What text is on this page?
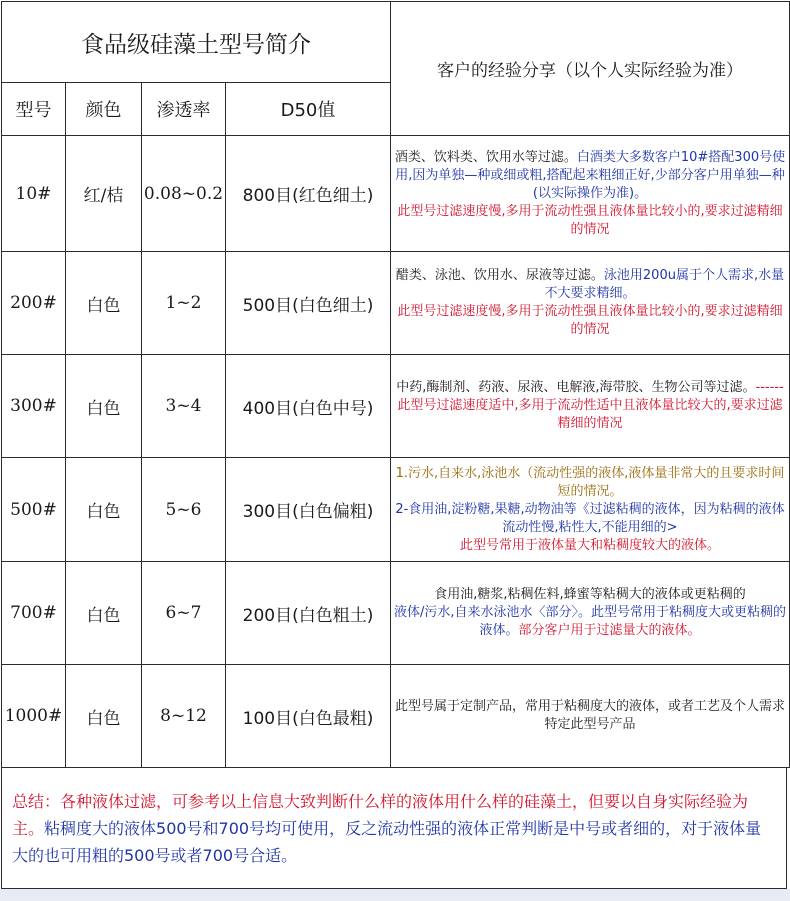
食品级硅藻土型号简介				客户的经验分享（以个人实际经验为准）
型号	颜色	渗透率	D50值	
10#	红/桔	0.08~0.2	800目(红色细土)	酒类、饮料类、饮用水等过滤。白酒类大多数客户10#搭配300号使用,因为单独—种或细或粗,搭配起来粗细正好,少部分客户用单独—种(以实际操作为准)。
此型号过滤速度慢,多用于流动性强且液体量比较小的,要求过滤精细的情况
200#	白色	1~2	500目(白色细土)	醋类、泳池、饮用水、尿液等过滤。泳池用200u属于个人需求,水量不大要求精细。
此型号过滤速度慢,多用于流动性强且液体量比较小的,要求过滤精细的情况
300#	白色	3~4	400目(白色中号)	中药,酶制剂、药液、尿液、电解液,海带胶、生物公司等过滤。------此型号过滤速度适中,多用于流动性适中且液体量比较大的,要求过滤精细的情况
500#	白色	5~6	300目(白色偏粗)	1.污水,自来水,泳池水（流动性强的液体,液体量非常大的且要求时间短的情况。
2-食用油,淀粉糖,果糖,动物油等《过滤粘稠的液体，因为粘稠的液体流动性慢,粘性大,不能用细的>
此型号常用于液体量大和粘稠度较大的液体。
700#	白色	6~7	200目(白色粗土)	食用油,糖浆,粘稠佐料,蜂蜜等粘稠大的液体或更粘稠的
液体/污水,自来水泳池水〈部分〉。此型号常用于粘稠度大或更粘稠的液体。部分客户用于过滤量大的液体。
1000#	白色	8~12	100目(白色最粗)	此型号属于定制产品，常用于粘稠度大的液体，或者工艺及个人需求特定此型号产品
总结：各种液体过滤，可参考以上信息大致判断什么样的液体用什么样的硅藻土，但要以自身实际经验为主。粘稠度大的液体500号和700号均可使用，反之流动性强的液体正常判断是中号或者细的，对于液体量大的也可用粗的500号或者700号合适。
